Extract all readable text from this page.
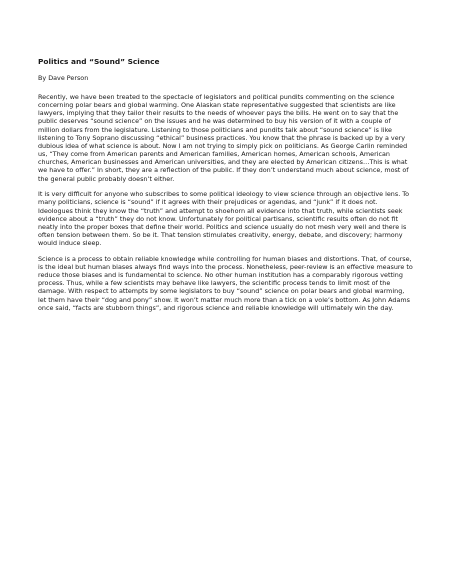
Politics and “Sound” Science

By Dave Person

Recently, we have been treated to the spectacle of legislators and political pundits commenting on the science concerning polar bears and global warming. One Alaskan state representative suggested that scientists are like lawyers, implying that they tailor their results to the needs of whoever pays the bills. He went on to say that the public deserves “sound science” on the issues and he was determined to buy his version of it with a couple of million dollars from the legislature. Listening to those politicians and pundits talk about “sound science” is like listening to Tony Soprano discussing “ethical” business practices. You know that the phrase is backed up by a very dubious idea of what science is about. Now I am not trying to simply pick on politicians. As George Carlin reminded us, “They come from American parents and American families, American homes, American schools, American churches, American businesses and American universities, and they are elected by American citizens…This is what we have to offer.” In short, they are a reflection of the public. If they don’t understand much about science, most of the general public probably doesn’t either.

It is very difficult for anyone who subscribes to some political ideology to view science through an objective lens. To many politicians, science is “sound” if it agrees with their prejudices or agendas, and “junk” if it does not. Ideologues think they know the “truth” and attempt to shoehorn all evidence into that truth, while scientists seek evidence about a “truth” they do not know. Unfortunately for political partisans, scientific results often do not fit neatly into the proper boxes that define their world. Politics and science usually do not mesh very well and there is often tension between them. So be it. That tension stimulates creativity, energy, debate, and discovery; harmony would induce sleep.

Science is a process to obtain reliable knowledge while controlling for human biases and distortions. That, of course, is the ideal but human biases always find ways into the process. Nonetheless, peer-review is an effective measure to reduce those biases and is fundamental to science. No other human institution has a comparably rigorous vetting process. Thus, while a few scientists may behave like lawyers, the scientific process tends to limit most of the damage. With respect to attempts by some legislators to buy “sound” science on polar bears and global warming, let them have their “dog and pony” show. It won’t matter much more than a tick on a vole’s bottom. As John Adams once said, “facts are stubborn things”, and rigorous science and reliable knowledge will ultimately win the day.
